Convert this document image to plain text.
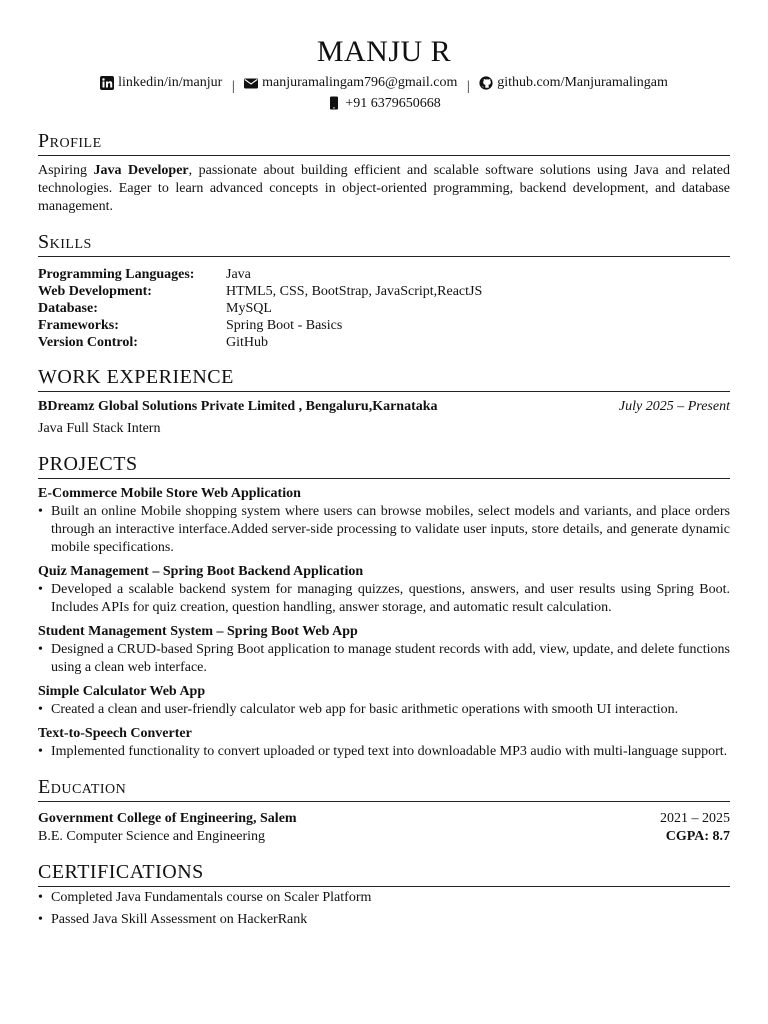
MANJU R
linkedin/in/manjur | manjuramalingam796@gmail.com | github.com/Manjuramalingam
+91 6379650668
Profile
Aspiring Java Developer, passionate about building efficient and scalable software solutions using Java and related technologies. Eager to learn advanced concepts in object-oriented programming, backend development, and database management.
Skills
Programming Languages:	Java
Web Development:	HTML5, CSS, BootStrap, JavaScript,ReactJS
Database:	MySQL
Frameworks:	Spring Boot - Basics
Version Control:	GitHub
WORK EXPERIENCE
BDreamz Global Solutions Private Limited , Bengaluru,Karnataka	July 2025 – Present
Java Full Stack Intern
PROJECTS
E-Commerce Mobile Store Web Application
• Built an online Mobile shopping system where users can browse mobiles, select models and variants, and place orders through an interactive interface.Added server-side processing to validate user inputs, store details, and generate dynamic mobile specifications.
Quiz Management – Spring Boot Backend Application
• Developed a scalable backend system for managing quizzes, questions, answers, and user results using Spring Boot. Includes APIs for quiz creation, question handling, answer storage, and automatic result calculation.
Student Management System – Spring Boot Web App
• Designed a CRUD-based Spring Boot application to manage student records with add, view, update, and delete functions using a clean web interface.
Simple Calculator Web App
• Created a clean and user-friendly calculator web app for basic arithmetic operations with smooth UI interaction.
Text-to-Speech Converter
• Implemented functionality to convert uploaded or typed text into downloadable MP3 audio with multi-language support.
Education
Government College of Engineering, Salem	2021 – 2025
B.E. Computer Science and Engineering	CGPA: 8.7
CERTIFICATIONS
• Completed Java Fundamentals course on Scaler Platform
• Passed Java Skill Assessment on HackerRank
